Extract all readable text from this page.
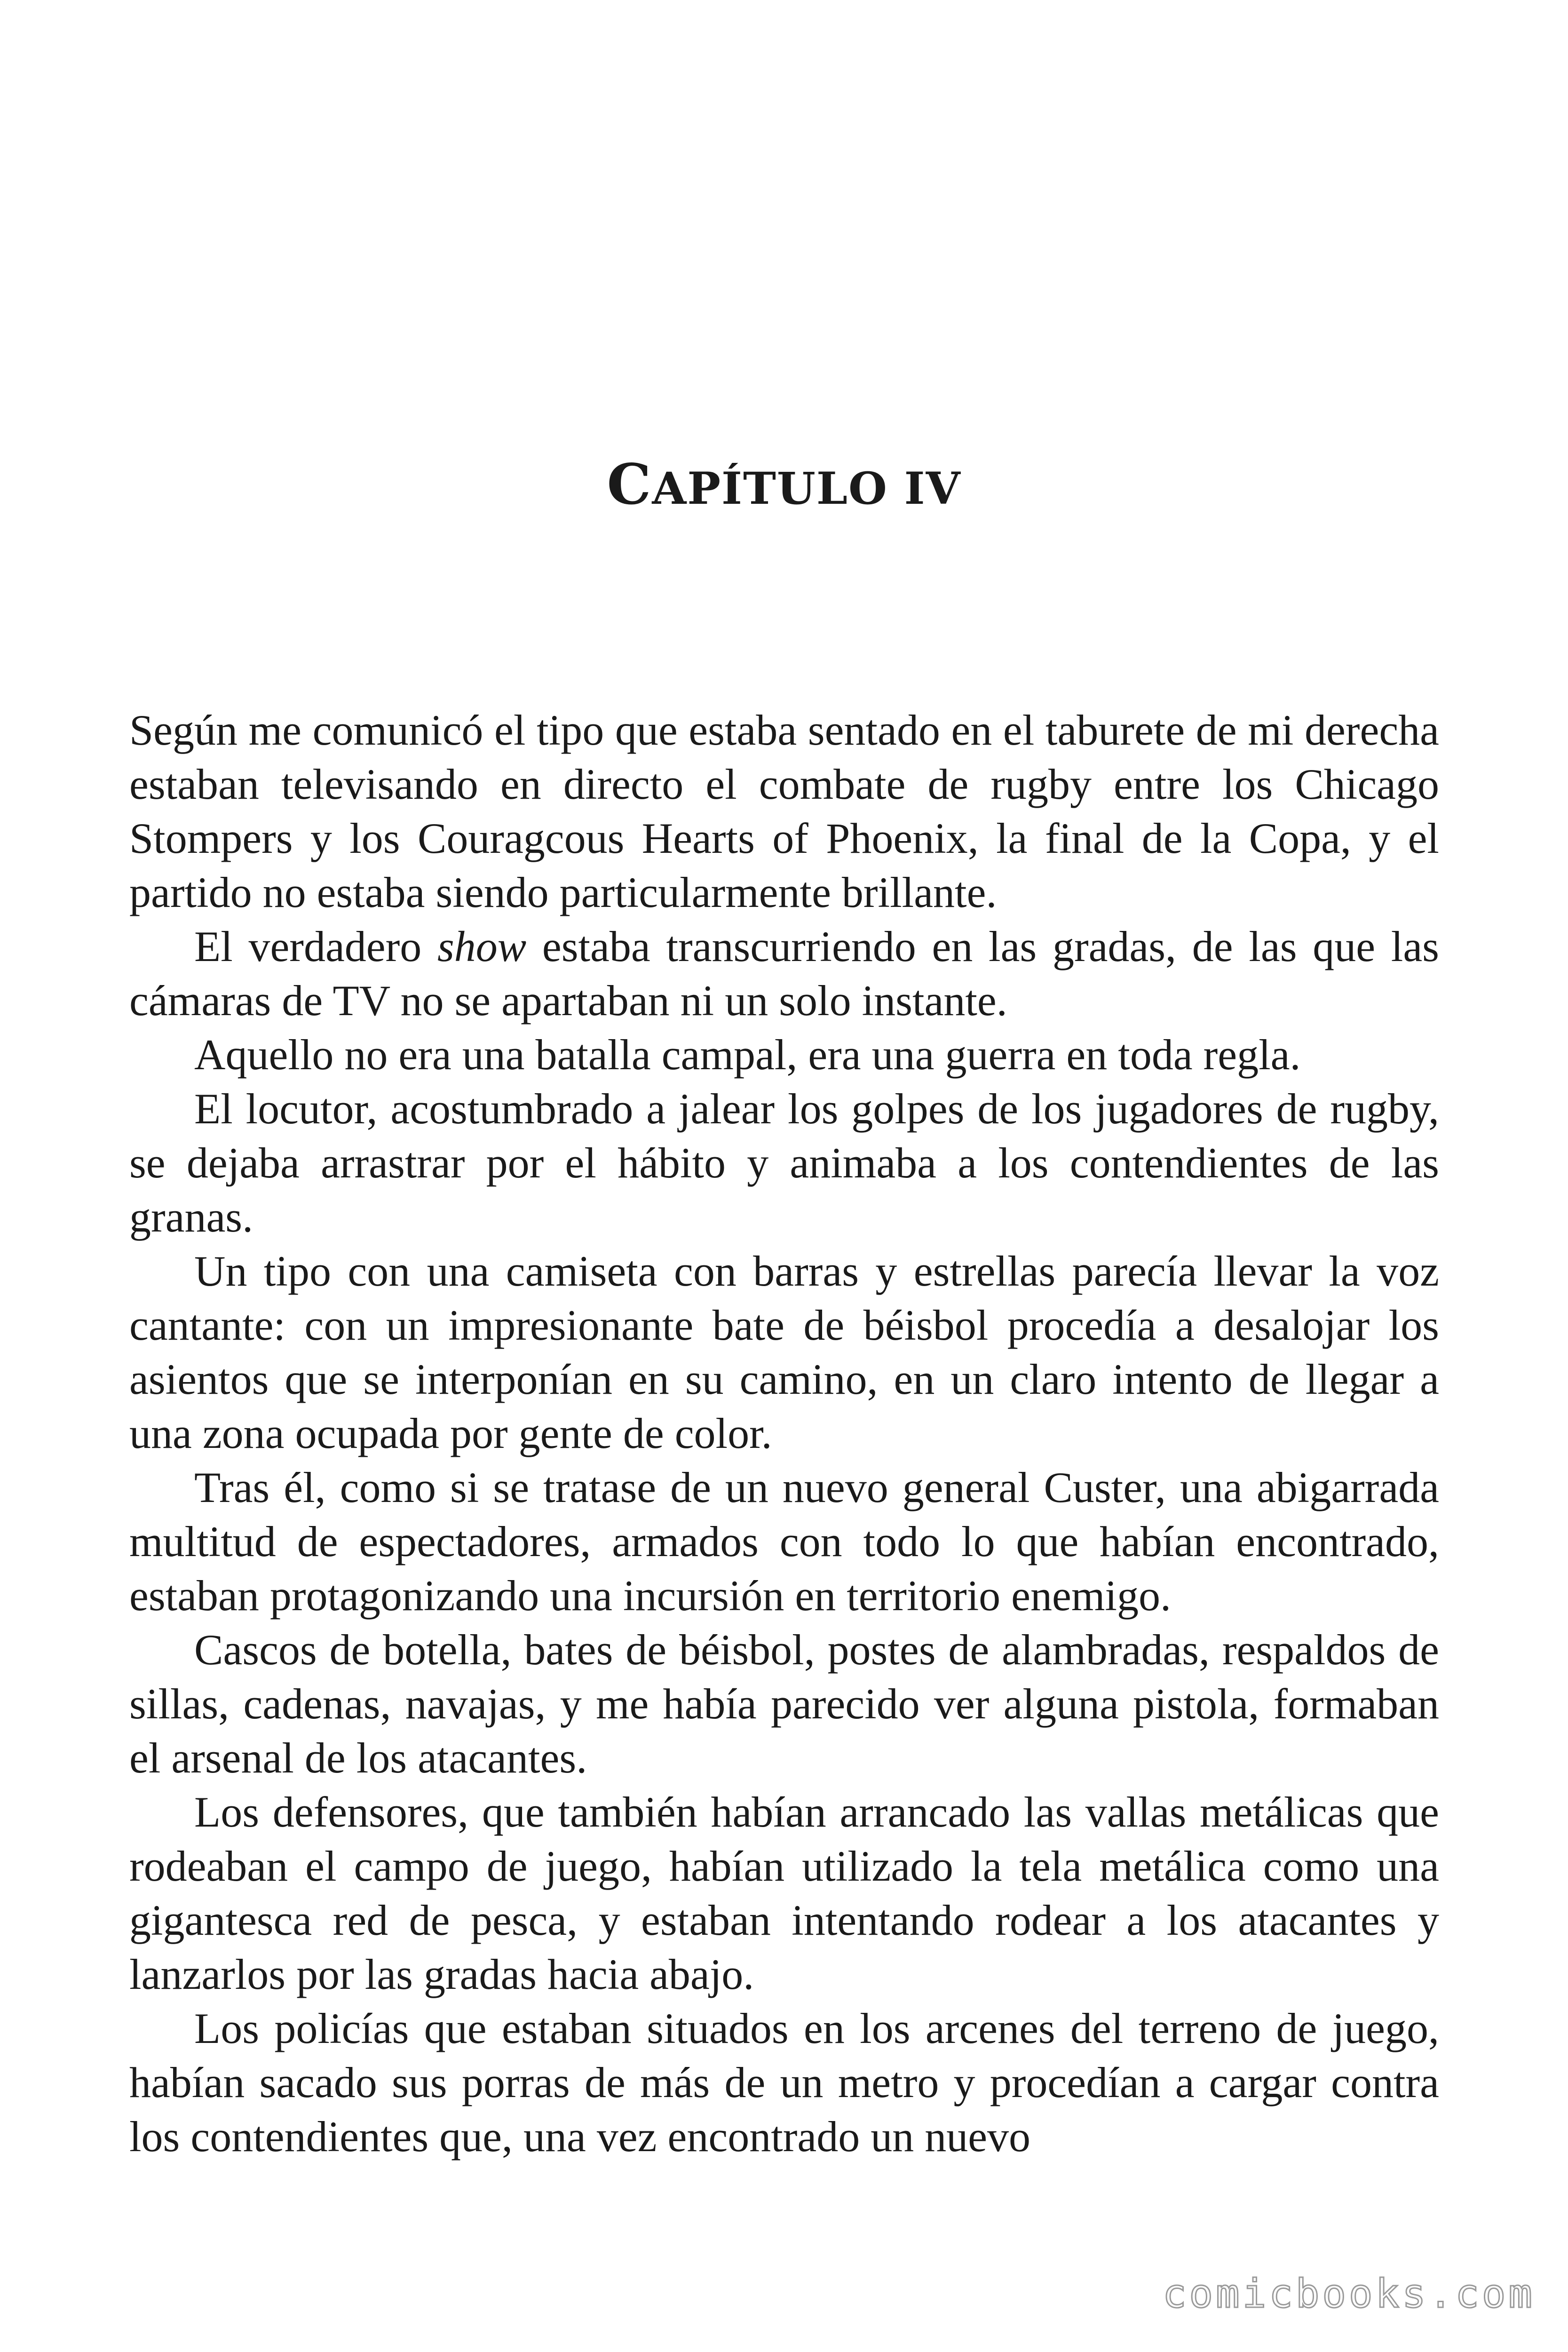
CAPÍTULO IV

Según me comunicó el tipo que estaba sentado en el taburete de mi derecha estaban televisando en directo el combate de rugby entre los Chicago Stompers y los Couragcous Hearts of Phoenix, la final de la Copa, y el partido no estaba siendo particularmente brillante.

El verdadero show estaba transcurriendo en las gradas, de las que las cámaras de TV no se apartaban ni un solo instante.

Aquello no era una batalla campal, era una guerra en toda regla.

El locutor, acostumbrado a jalear los golpes de los jugadores de rugby, se dejaba arrastrar por el hábito y animaba a los contendientes de las granas.

Un tipo con una camiseta con barras y estrellas parecía llevar la voz cantante: con un impresionante bate de béisbol procedía a desalojar los asientos que se interponían en su camino, en un claro intento de llegar a una zona ocupada por gente de color.

Tras él, como si se tratase de un nuevo general Custer, una abigarrada multitud de espectadores, armados con todo lo que habían encontrado, estaban protagonizando una incursión en territorio enemigo.

Cascos de botella, bates de béisbol, postes de alambradas, respaldos de sillas, cadenas, navajas, y me había parecido ver alguna pistola, formaban el arsenal de los atacantes.

Los defensores, que también habían arrancado las vallas metálicas que rodeaban el campo de juego, habían utilizado la tela metálica como una gigantesca red de pesca, y estaban intentando rodear a los atacantes y lanzarlos por las gradas hacia abajo.

Los policías que estaban situados en los arcenes del terreno de juego, habían sacado sus porras de más de un metro y procedían a cargar contra los contendientes que, una vez encontrado un nuevo

comicbooks.com
